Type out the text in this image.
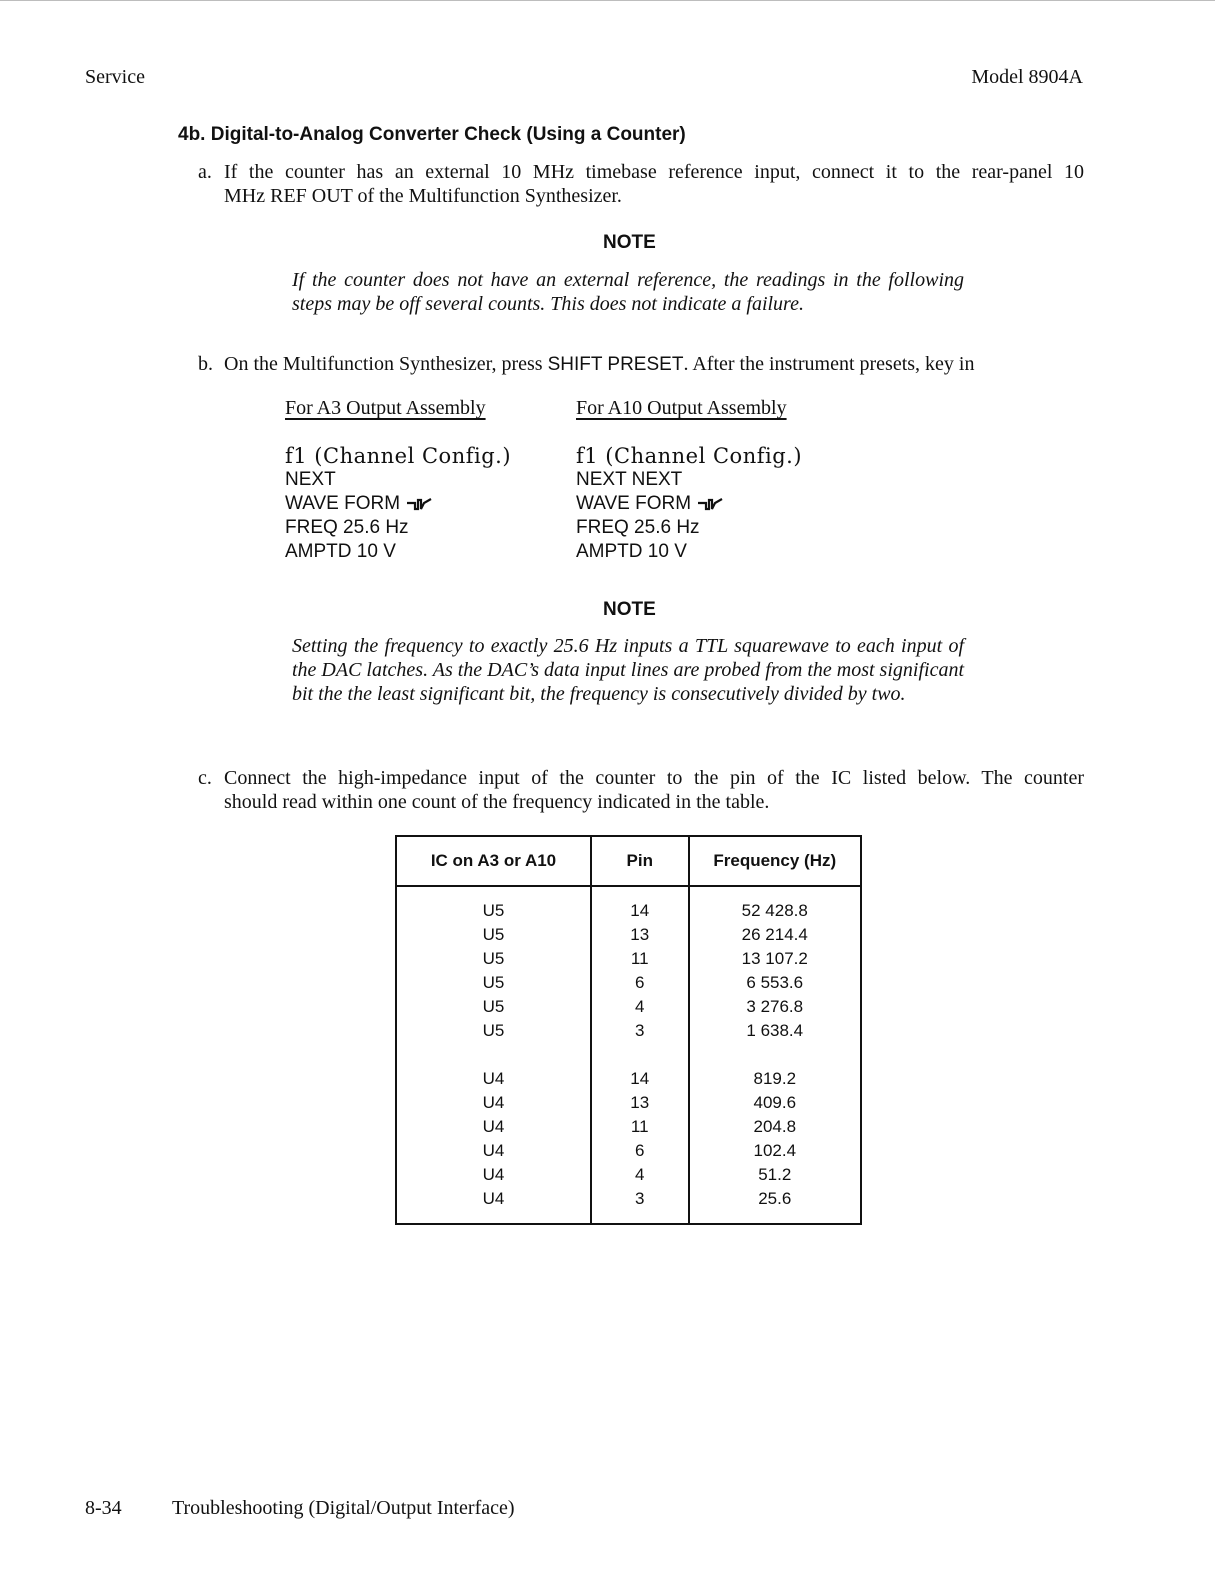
Service	Model 8904A
4b. Digital-to-Analog Converter Check (Using a Counter)
a. If the counter has an external 10 MHz timebase reference input, connect it to the rear-panel 10
MHz REF OUT of the Multifunction Synthesizer.
NOTE
If the counter does not have an external reference, the readings in the following steps may be off several counts. This does not indicate a failure.
b. On the Multifunction Synthesizer, press SHIFT PRESET. After the instrument presets, key in
For A3 Output Assembly
f1 (Channel Config.)
NEXT
WAVE FORM
FREQ 25.6 Hz
AMPTD 10 V
For A10 Output Assembly
f1 (Channel Config.)
NEXT NEXT
WAVE FORM
FREQ 25.6 Hz
AMPTD 10 V
NOTE
Setting the frequency to exactly 25.6 Hz inputs a TTL squarewave to each input of the DAC latches. As the DAC’s data input lines are probed from the most significant bit the the least significant bit, the frequency is consecutively divided by two.
c. Connect the high-impedance input of the counter to the pin of the IC listed below. The counter
should read within one count of the frequency indicated in the table.
IC on A3 or A10	Pin	Frequency (Hz)

U5	14	52 428.8
U5	13	26 214.4
U5	11	13 107.2
U5	6	6 553.6
U5	4	3 276.8
U5	3	1 638.4

U4	14	819.2
U4	13	409.6
U4	11	204.8
U4	6	102.4
U4	4	51.2
U4	3	25.6

8-34	Troubleshooting (Digital/Output Interface)
